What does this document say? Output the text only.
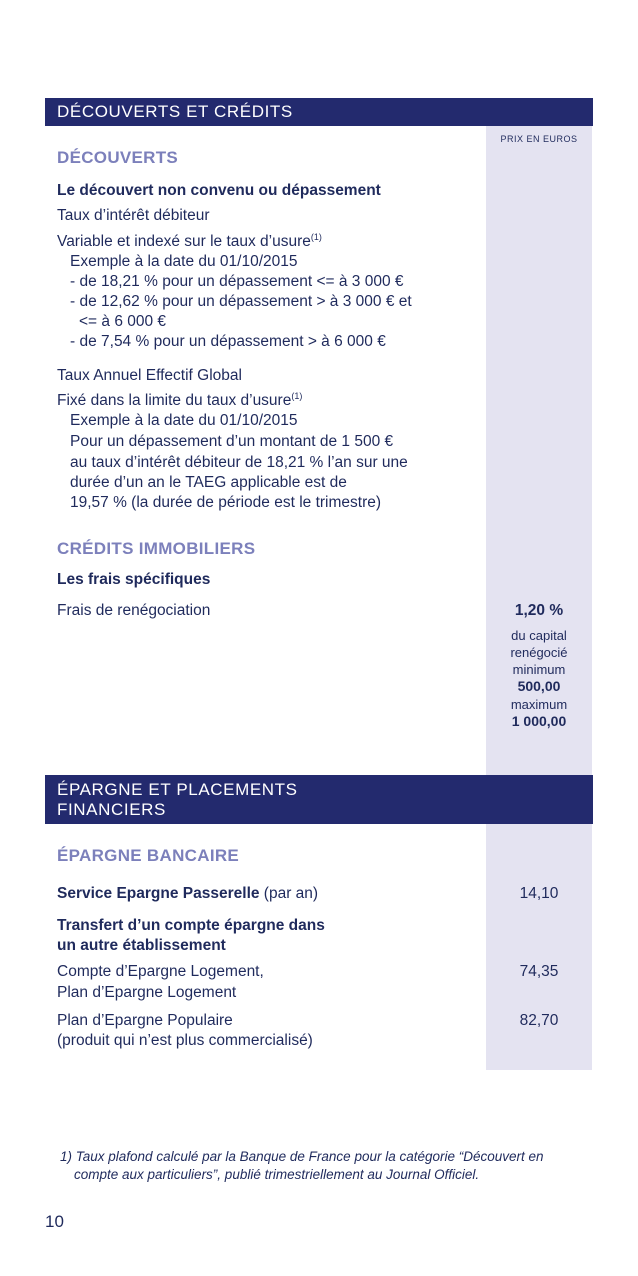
DÉCOUVERTS ET CRÉDITS
PRIX EN EUROS
DÉCOUVERTS
Le découvert non convenu ou dépassement
Taux d’intérêt débiteur
Variable et indexé sur le taux d’usure$^{(1)}$
Exemple à la date du 01/10/2015
- de 18,21 % pour un dépassement <= à 3 000 €
- de 12,62 % pour un dépassement > à 3 000 € et
<= à 6 000 €
- de 7,54 % pour un dépassement > à 6 000 €
Taux Annuel Effectif Global
Fixé dans la limite du taux d’usure$^{(1)}$
Exemple à la date du 01/10/2015
Pour un dépassement d’un montant de 1 500 €
au taux d’intérêt débiteur de 18,21 % l’an sur une
durée d’un an le TAEG applicable est de
19,57 % (la durée de période est le trimestre)
CRÉDITS IMMOBILIERS
Les frais spécifiques
Frais de renégociation	1,20 %
du capital
renégocié
minimum
500,00
maximum
1 000,00
ÉPARGNE ET PLACEMENTS
FINANCIERS
ÉPARGNE BANCAIRE
Service Epargne Passerelle (par an)	14,10
Transfert d’un compte épargne dans
un autre établissement
Compte d’Epargne Logement,
Plan d’Epargne Logement
74,35
Plan d’Epargne Populaire
(produit qui n’est plus commercialisé)
82,70
1) Taux plafond calculé par la Banque de France pour la catégorie “Découvert en
compte aux particuliers”, publié trimestriellement au Journal Officiel.
10
